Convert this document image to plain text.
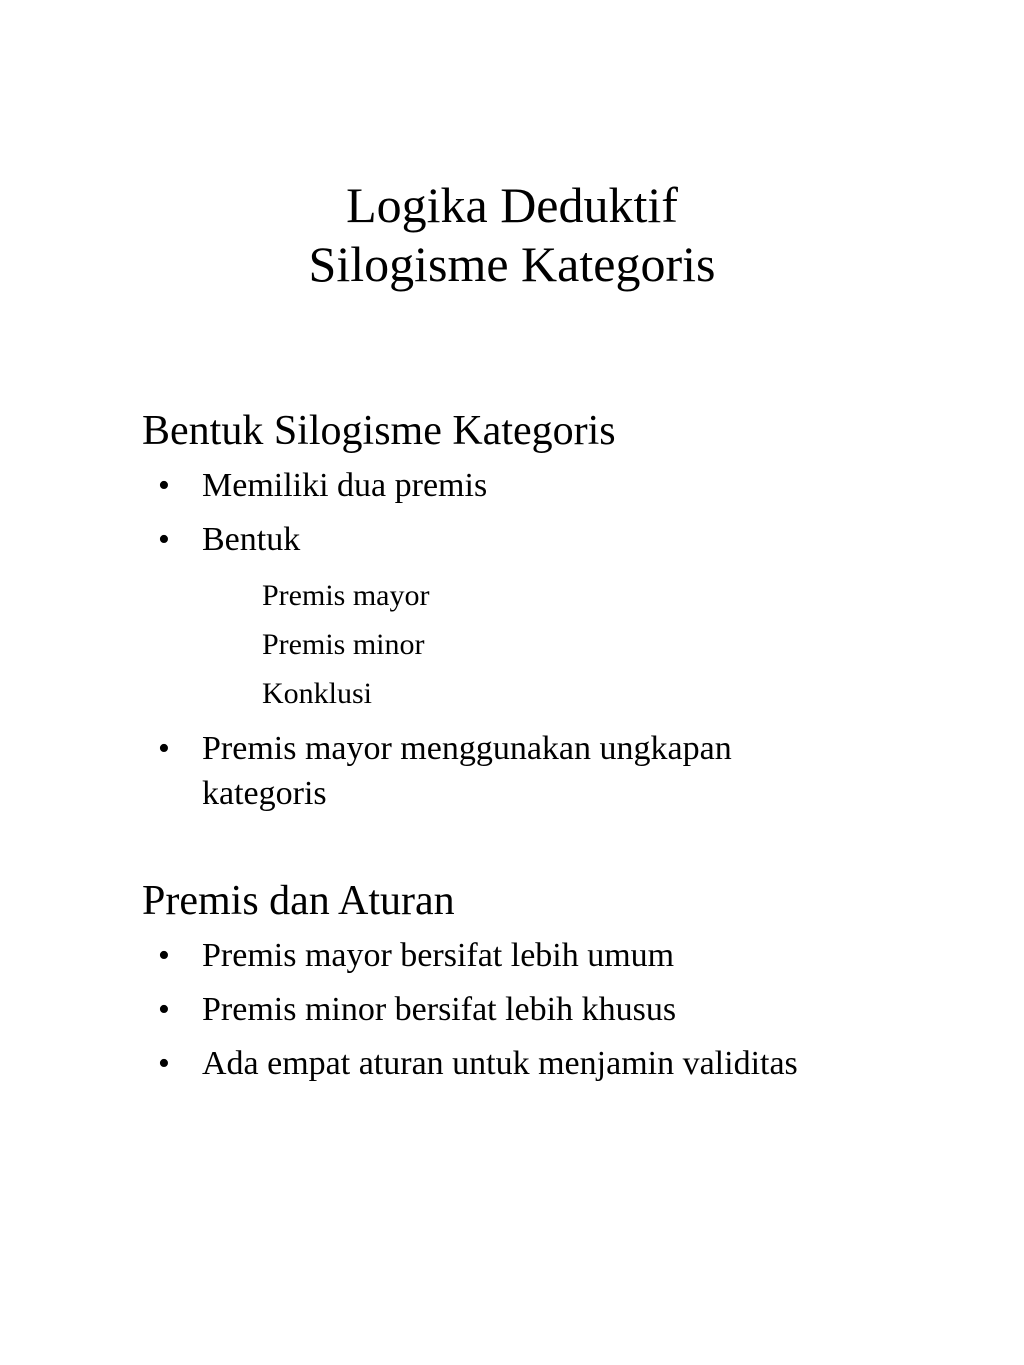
Logika Deduktif
Silogisme Kategoris
Bentuk Silogisme Kategoris
• Memiliki dua premis
• Bentuk
Premis mayor
Premis minor
Konklusi
• Premis mayor menggunakan ungkapan kategoris
Premis dan Aturan
• Premis mayor bersifat lebih umum
• Premis minor bersifat lebih khusus
• Ada empat aturan untuk menjamin validitas
